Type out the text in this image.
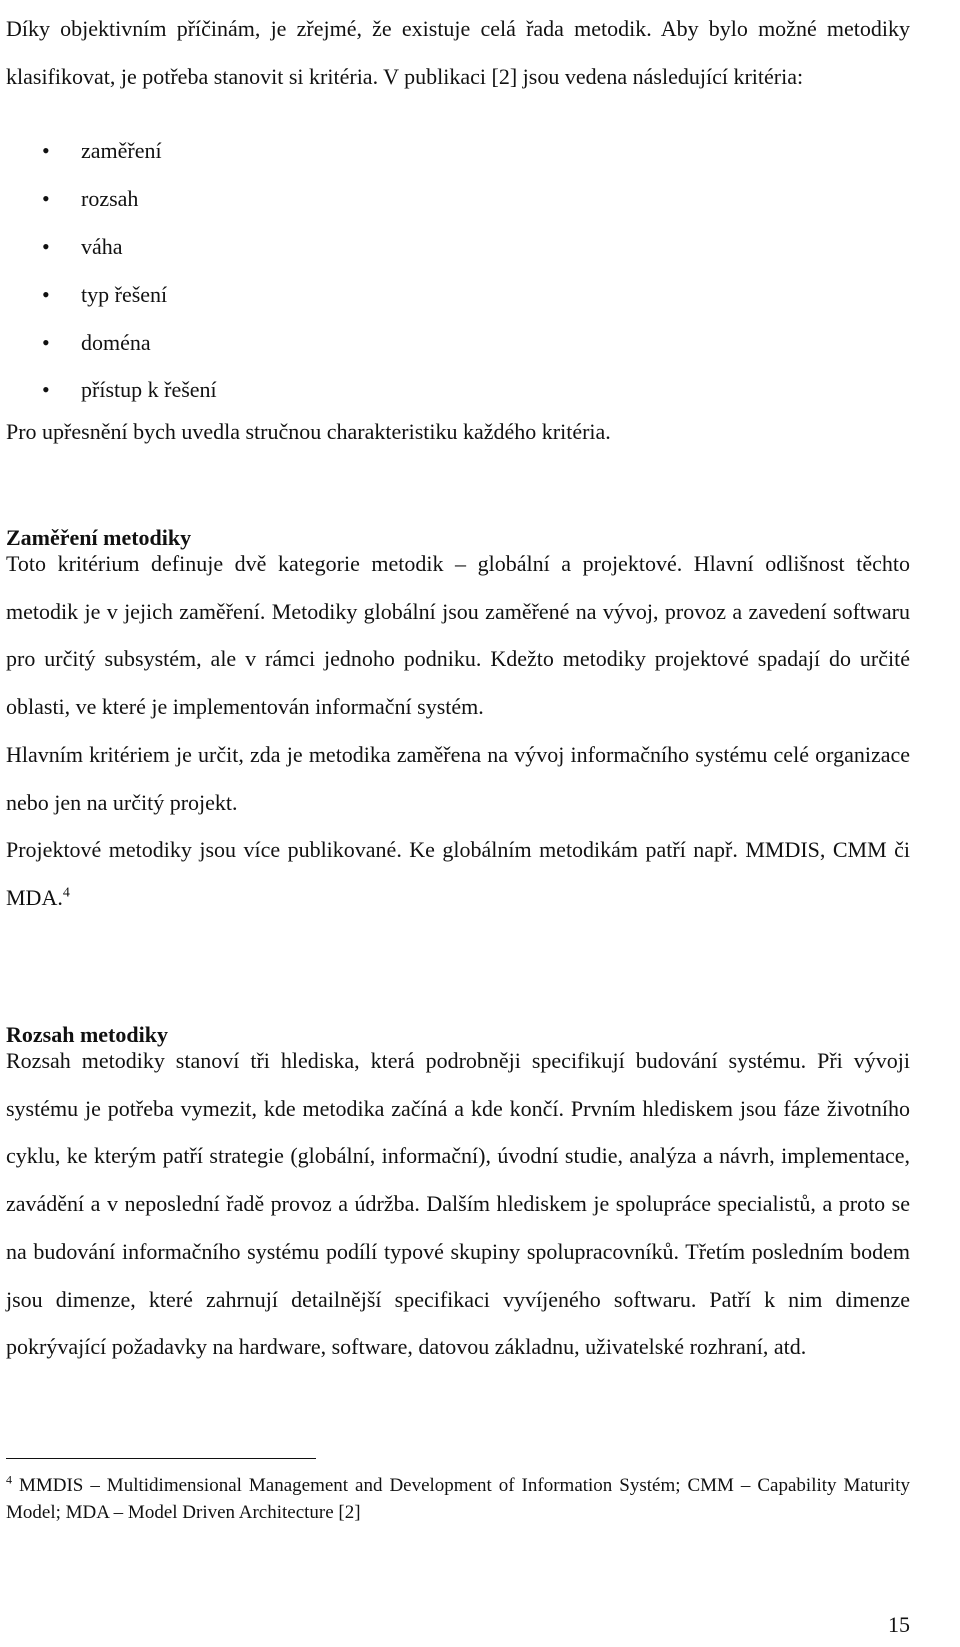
Díky objektivním příčinám, je zřejmé, že existuje celá řada metodik. Aby bylo možné metodiky klasifikovat, je potřeba stanovit si kritéria. V publikaci [2] jsou vedena následující kritéria:

• zaměření
• rozsah
• váha
• typ řešení
• doména
• přístup k řešení

Pro upřesnění bych uvedla stručnou charakteristiku každého kritéria.

Zaměření metodiky

Toto kritérium definuje dvě kategorie metodik – globální a projektové. Hlavní odlišnost těchto metodik je v jejich zaměření. Metodiky globální jsou zaměřené na vývoj, provoz a zavedení softwaru pro určitý subsystém, ale v rámci jednoho podniku. Kdežto metodiky projektové spadají do určité oblasti, ve které je implementován informační systém.

Hlavním kritériem je určit, zda je metodika zaměřena na vývoj informačního systému celé organizace nebo jen na určitý projekt.

Projektové metodiky jsou více publikované. Ke globálním metodikám patří např. MMDIS, CMM či MDA.$^4$

Rozsah metodiky

Rozsah metodiky stanoví tři hlediska, která podrobněji specifikují budování systému. Při vývoji systému je potřeba vymezit, kde metodika začíná a kde končí. Prvním hlediskem jsou fáze životního cyklu, ke kterým patří strategie (globální, informační), úvodní studie, analýza a návrh, implementace, zavádění a v neposlední řadě provoz a údržba. Dalším hlediskem je spolupráce specialistů, a proto se na budování informačního systému podílí typové skupiny spolupracovníků. Třetím posledním bodem jsou dimenze, které zahrnují detailnější specifikaci vyvíjeného softwaru. Patří k nim dimenze pokrývající požadavky na hardware, software, datovou základnu, uživatelské rozhraní, atd.

$^4$ MMDIS – Multidimensional Management and Development of Information Systém; CMM – Capability Maturity Model; MDA – Model Driven Architecture [2]

15
